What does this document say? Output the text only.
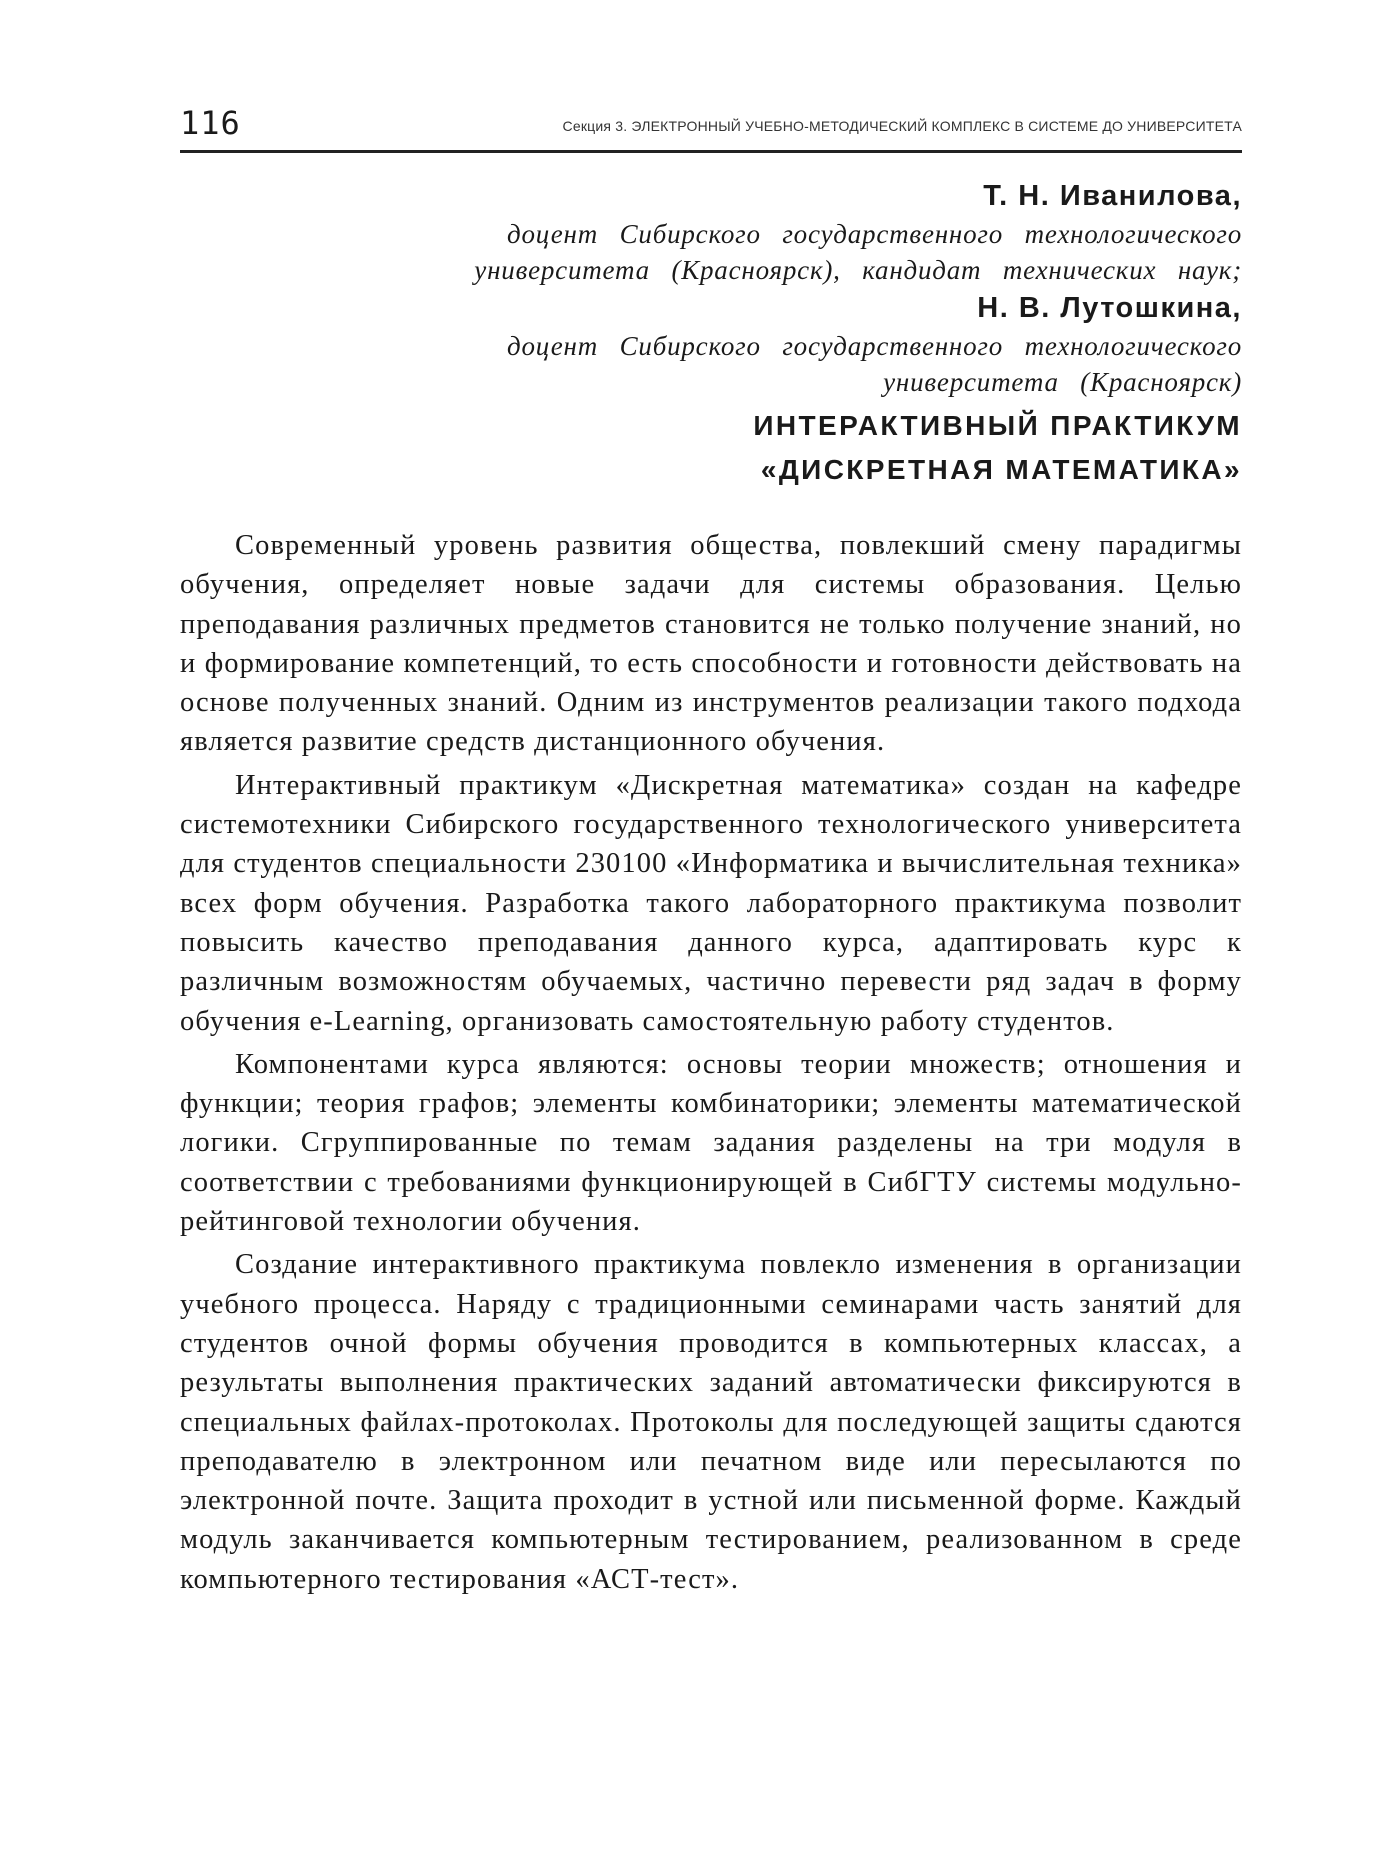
116	Секция 3. ЭЛЕКТРОННЫЙ УЧЕБНО-МЕТОДИЧЕСКИЙ КОМПЛЕКС В СИСТЕМЕ ДО УНИВЕРСИТЕТА
Т. Н. Иванилова,
доцент Сибирского государственного технологического
университета (Красноярск), кандидат технических наук;
Н. В. Лутошкина,
доцент Сибирского государственного технологического
университета (Красноярск)
ИНТЕРАКТИВНЫЙ ПРАКТИКУМ
«ДИСКРЕТНАЯ МАТЕМАТИКА»

Современный уровень развития общества, повлекший смену парадигмы обучения, определяет новые задачи для системы образования. Целью преподавания различных предметов становится не только получение знаний, но и формирование компетенций, то есть способности и готовности действовать на основе полученных знаний. Одним из инструментов реализации такого подхода является развитие средств дистанционного обучения.

Интерактивный практикум «Дискретная математика» создан на кафедре системотехники Сибирского государственного технологического университета для студентов специальности 230100 «Информатика и вычислительная техника» всех форм обучения. Разработка такого лабораторного практикума позволит повысить качество преподавания данного курса, адаптировать курс к различным возможностям обучаемых, частично перевести ряд задач в форму обучения e-Learning, организовать самостоятельную работу студентов.

Компонентами курса являются: основы теории множеств; отношения и функции; теория графов; элементы комбинаторики; элементы математической логики. Сгруппированные по темам задания разделены на три модуля в соответствии с требованиями функционирующей в СибГТУ системы модульно-рейтинговой технологии обучения.

Создание интерактивного практикума повлекло изменения в организации учебного процесса. Наряду с традиционными семинарами часть занятий для студентов очной формы обучения проводится в компьютерных классах, а результаты выполнения практических заданий автоматически фиксируются в специальных файлах-протоколах. Протоколы для последующей защиты сдаются преподавателю в электронном или печатном виде или пересылаются по электронной почте. Защита проходит в устной или письменной форме. Каждый модуль заканчивается компьютерным тестированием, реализованном в среде компьютерного тестирования «АСТ-тест».
